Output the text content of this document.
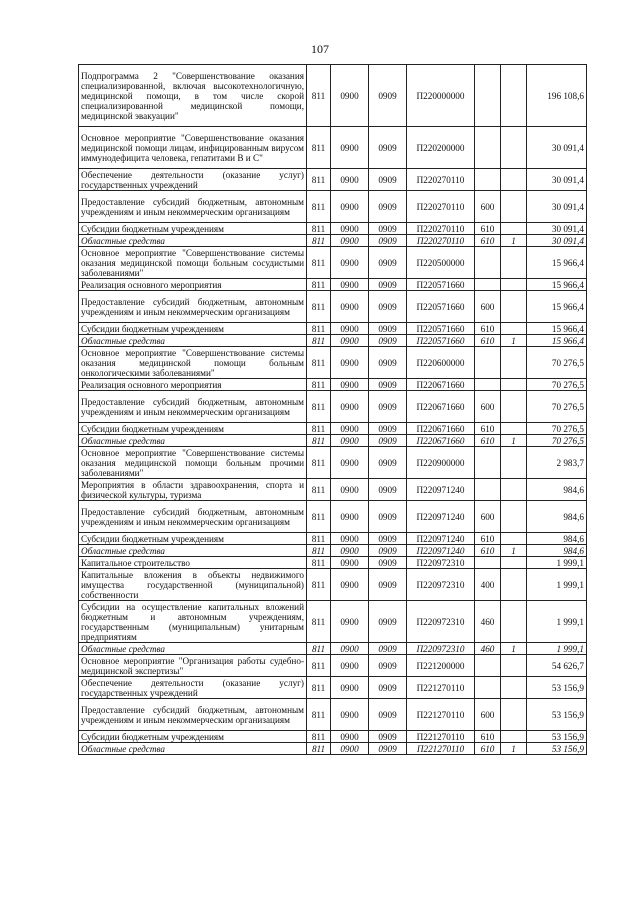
107
Подпрограмма 2 "Совершенствование оказания специализированной, включая высокотехнологичную, медицинской помощи, в том числе скорой специализированной медицинской помощи, медицинской эвакуации"	811	0900	0909	П220000000			196 108,6
Основное мероприятие "Совершенствование оказания медицинской помощи лицам, инфицированным вирусом иммунодефицита человека, гепатитами В и С"	811	0900	0909	П220200000			30 091,4
Обеспечение деятельности (оказание услуг) государственных учреждений	811	0900	0909	П220270110			30 091,4
Предоставление субсидий бюджетным, автономным учреждениям и иным некоммерческим организациям	811	0900	0909	П220270110	600		30 091,4
Субсидии бюджетным учреждениям	811	0900	0909	П220270110	610		30 091,4
Областные средства	811	0900	0909	П220270110	610	1	30 091,4
Основное мероприятие "Совершенствование системы оказания медицинской помощи больным сосудистыми заболеваниями"	811	0900	0909	П220500000			15 966,4
Реализация основного мероприятия	811	0900	0909	П220571660			15 966,4
Предоставление субсидий бюджетным, автономным учреждениям и иным некоммерческим организациям	811	0900	0909	П220571660	600		15 966,4
Субсидии бюджетным учреждениям	811	0900	0909	П220571660	610		15 966,4
Областные средства	811	0900	0909	П220571660	610	1	15 966,4
Основное мероприятие "Совершенствование системы оказания медицинской помощи больным онкологическими заболеваниями"	811	0900	0909	П220600000			70 276,5
Реализация основного мероприятия	811	0900	0909	П220671660			70 276,5
Предоставление субсидий бюджетным, автономным учреждениям и иным некоммерческим организациям	811	0900	0909	П220671660	600		70 276,5
Субсидии бюджетным учреждениям	811	0900	0909	П220671660	610		70 276,5
Областные средства	811	0900	0909	П220671660	610	1	70 276,5
Основное мероприятие "Совершенствование системы оказания медицинской помощи больным прочими заболеваниями"	811	0900	0909	П220900000			2 983,7
Мероприятия в области здравоохранения, спорта и физической культуры, туризма	811	0900	0909	П220971240			984,6
Предоставление субсидий бюджетным, автономным учреждениям и иным некоммерческим организациям	811	0900	0909	П220971240	600		984,6
Субсидии бюджетным учреждениям	811	0900	0909	П220971240	610		984,6
Областные средства	811	0900	0909	П220971240	610	1	984,6
Капитальное строительство	811	0900	0909	П220972310			1 999,1
Капитальные вложения в объекты недвижимого имущества государственной (муниципальной) собственности	811	0900	0909	П220972310	400		1 999,1
Субсидии на осуществление капитальных вложений бюджетным и автономным учреждениям, государственным (муниципальным) унитарным предприятиям	811	0900	0909	П220972310	460		1 999,1
Областные средства	811	0900	0909	П220972310	460	1	1 999,1
Основное мероприятие "Организация работы судебно-медицинской экспертизы"	811	0900	0909	П221200000			54 626,7
Обеспечение деятельности (оказание услуг) государственных учреждений	811	0900	0909	П221270110			53 156,9
Предоставление субсидий бюджетным, автономным учреждениям и иным некоммерческим организациям	811	0900	0909	П221270110	600		53 156,9
Субсидии бюджетным учреждениям	811	0900	0909	П221270110	610		53 156,9
Областные средства	811	0900	0909	П221270110	610	1	53 156,9
